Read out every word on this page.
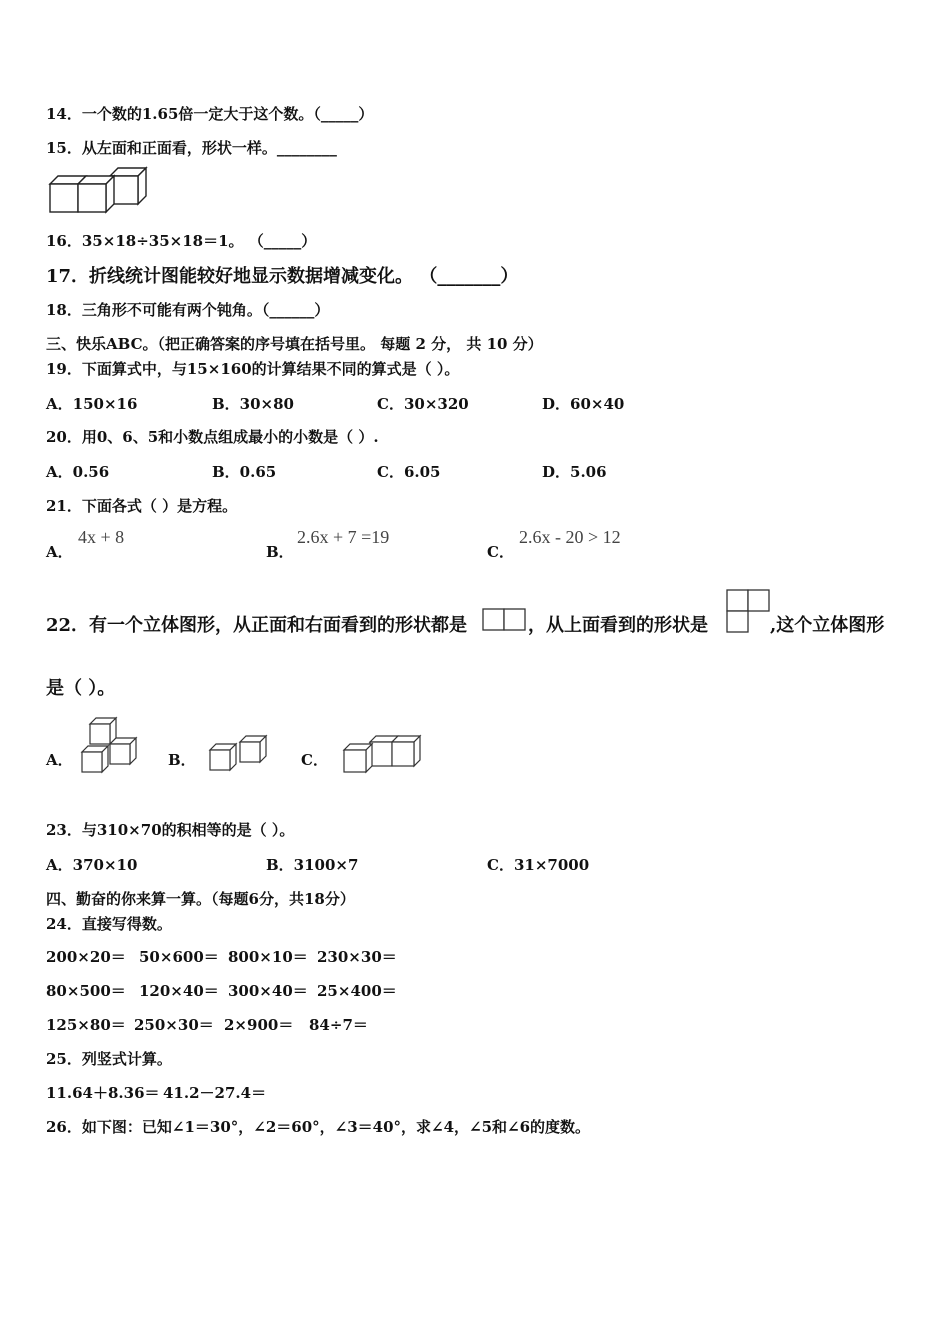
14．一个数的1.65倍一定大于这个数。（_____）
15．从左面和正面看，形状一样。________
16．35×18÷35×18＝1。 （_____）
17．折线统计图能较好地显示数据增减变化。 （_______）
18．三角形不可能有两个钝角。（______）
三、快乐ABC。（把正确答案的序号填在括号里。 每题 2 分， 共 10 分）
19．下面算式中，与15×160的计算结果不同的算式是（ ）。
A．150×16	B．30×80	C．30×320	D．60×40
20．用0、6、5和小数点组成最小的小数是（ ）.
A．0.56	B．0.65	C．6.05	D．5.06
21．下面各式（ ）是方程。
A．
4x + 8
B．
2.6x + 7 =19
C．
2.6x - 20 > 12
22．有一个立体图形，从正面和右面看到的形状都是	，从上面看到的形状是	,这个立体图形
是（ ）。
A．	B．	C．
23．与310×70的积相等的是（ ）。
A．370×10	B．3100×7	C．31×7000
四、勤奋的你来算一算。（每题6分，共18分）
24．直接写得数。
200×20＝ 50×600＝ 800×10＝ 230×30＝
80×500＝ 120×40＝ 300×40＝ 25×400＝
125×80＝ 250×30＝ 2×900＝ 84÷7＝
25．列竖式计算。
11.64＋8.36＝ 41.2－27.4＝
26．如下图：已知∠1＝30°，∠2＝60°，∠3＝40°，求∠4，∠5和∠6的度数。
